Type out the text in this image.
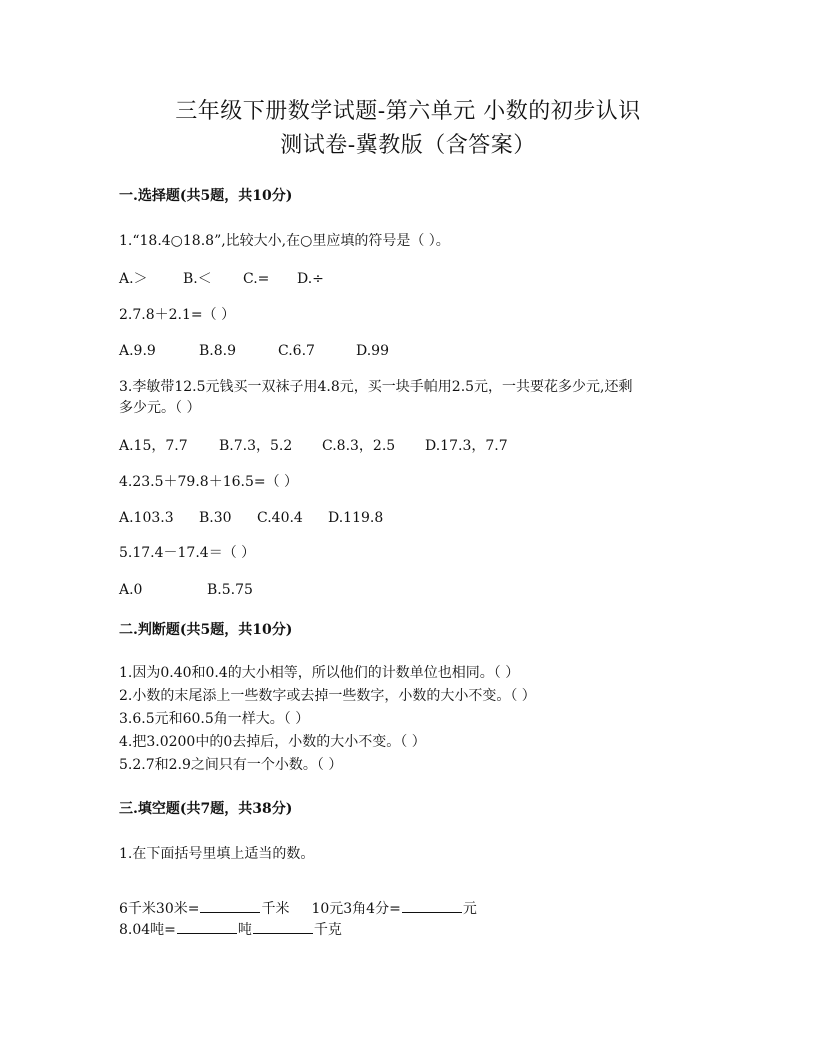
三年级下册数学试题-第六单元 小数的初步认识
测试卷-冀教版（含答案）
一.选择题(共5题，共10分)
1.“18.4○18.8”,比较大小,在○里应填的符号是（ ）。
A.＞	B.＜ C.= D.÷
2.7.8＋2.1=（ ）
A.9.9	B.8.9	C.6.7	D.99
3.李敏带12.5元钱买一双袜子用4.8元，买一块手帕用2.5元，一共要花多少元,还剩
多少元。（ ）
A.15，7.7 B.7.3，5.2 C.8.3，2.5 D.17.3，7.7
4.23.5＋79.8＋16.5=（ ）
A.103.3 B.30 C.40.4 D.119.8
5.17.4－17.4＝（ ）
A.0	B.5.75
二.判断题(共5题，共10分)
1.因为0.40和0.4的大小相等，所以他们的计数单位也相同。（ ）
2.小数的末尾添上一些数字或去掉一些数字，小数的大小不变。（ ）
3.6.5元和60.5角一样大。（ ）
4.把3.0200中的0去掉后，小数的大小不变。（ ）
5.2.7和2.9之间只有一个小数。（ ）
三.填空题(共7题，共38分)
1.在下面括号里填上适当的数。
6千米30米=	千米 10元3角4分=	元
8.04吨=	吨	千克
